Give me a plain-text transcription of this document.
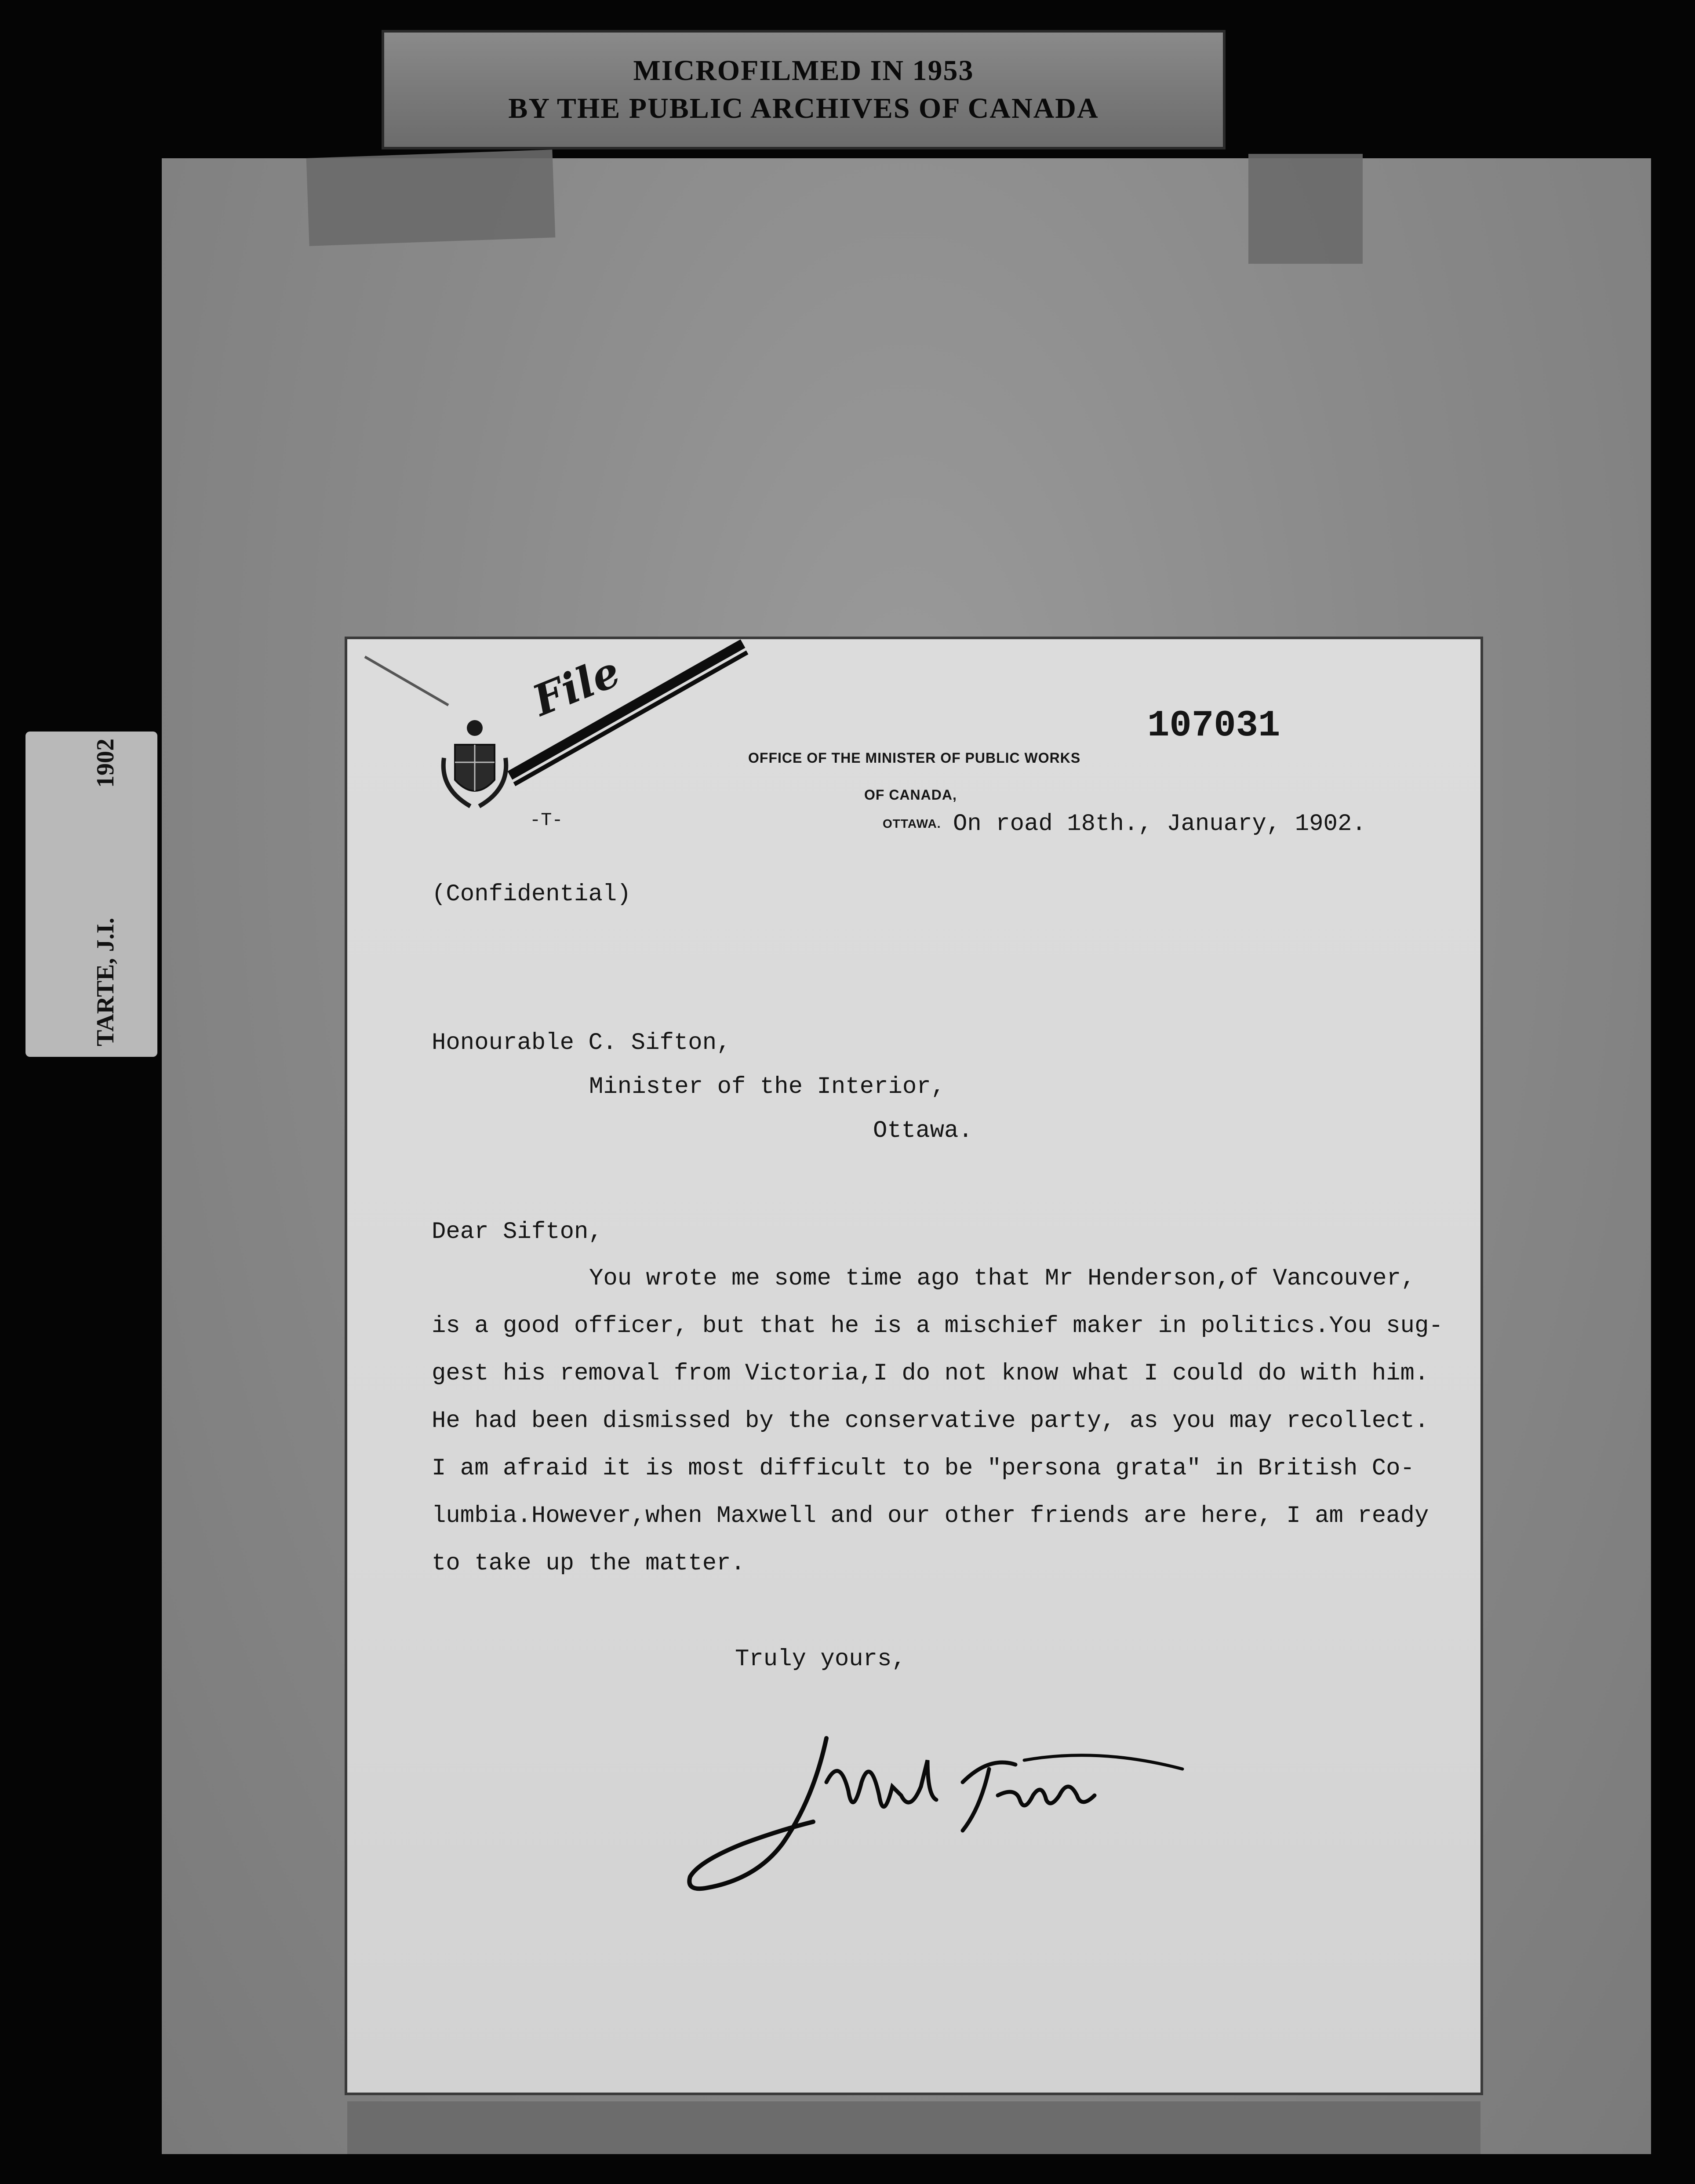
MICROFILMED IN 1953
BY THE PUBLIC ARCHIVES OF CANADA
TARTE, J.I.
1902
-T-
File
107031
OFFICE OF THE MINISTER OF PUBLIC WORKS
OF CANADA,
OTTAWA. On road 18th., January, 1902.
(Confidential)
Honourable C. Sifton,
Minister of the Interior,
Ottawa.
Dear Sifton,
You wrote me some time ago that Mr Henderson,of Vancouver,
is a good officer, but that he is a mischief maker in politics.You sug-
gest his removal from Victoria,I do not know what I could do with him.
He had been dismissed by the conservative party, as you may recollect.
I am afraid it is most difficult to be "persona grata" in British Co-
lumbia.However,when Maxwell and our other friends are here, I am ready
to take up the matter.
Truly yours,
